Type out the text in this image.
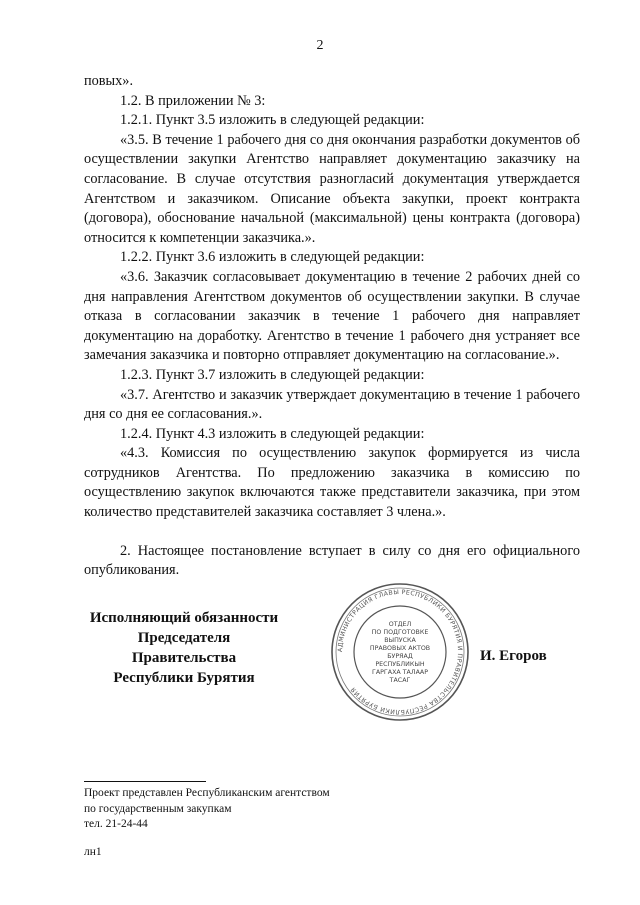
2

повых».

1.2. В приложении № 3:

1.2.1. Пункт 3.5 изложить в следующей редакции:

«3.5. В течение 1 рабочего дня со дня окончания разработки документов об осуществлении закупки Агентство направляет документацию заказчику на согласование. В случае отсутствия разногласий документация утверждается Агентством и заказчиком. Описание объекта закупки, проект контракта (договора), обоснование начальной (максимальной) цены контракта (договора) относится к компетенции заказчика.».

1.2.2. Пункт 3.6 изложить в следующей редакции:

«3.6. Заказчик согласовывает документацию в течение 2 рабочих дней со дня направления Агентством документов об осуществлении закупки. В случае отказа в согласовании заказчик в течение 1 рабочего дня направляет документацию на доработку. Агентство в течение 1 рабочего дня устраняет все замечания заказчика и повторно отправляет документацию на согласование.».

1.2.3. Пункт 3.7 изложить в следующей редакции:

«3.7. Агентство и заказчик утверждает документацию в течение 1 рабочего дня со дня ее согласования.».

1.2.4. Пункт 4.3 изложить в следующей редакции:

«4.3. Комиссия по осуществлению закупок формируется из числа сотрудников Агентства. По предложению заказчика в комиссию по осуществлению закупок включаются также представители заказчика, при этом количество представителей заказчика составляет 3 члена.».

2. Настоящее постановление вступает в силу со дня его официального опубликования.

Исполняющий обязанности
Председателя Правительства
Республики Бурятия
АДМИНИСТРАЦИЯ ГЛАВЫ РЕСПУБЛИКИ БУРЯТИЯ И ПРАВИТЕЛЬСТВА РЕСПУБЛИКИ БУРЯТИЯ
ОТДЕЛ
ПО ПОДГОТОВКЕ
ВЫПУСКА
ПРАВОВЫХ АКТОВ
БУРЯАД
РЕСПУБЛИКЫН
ГАРГАХА ТАЛААР
ТАСАГ
И. Егоров
Проект представлен Республиканским агентством
по государственным закупкам
тел. 21-24-44
лн1
